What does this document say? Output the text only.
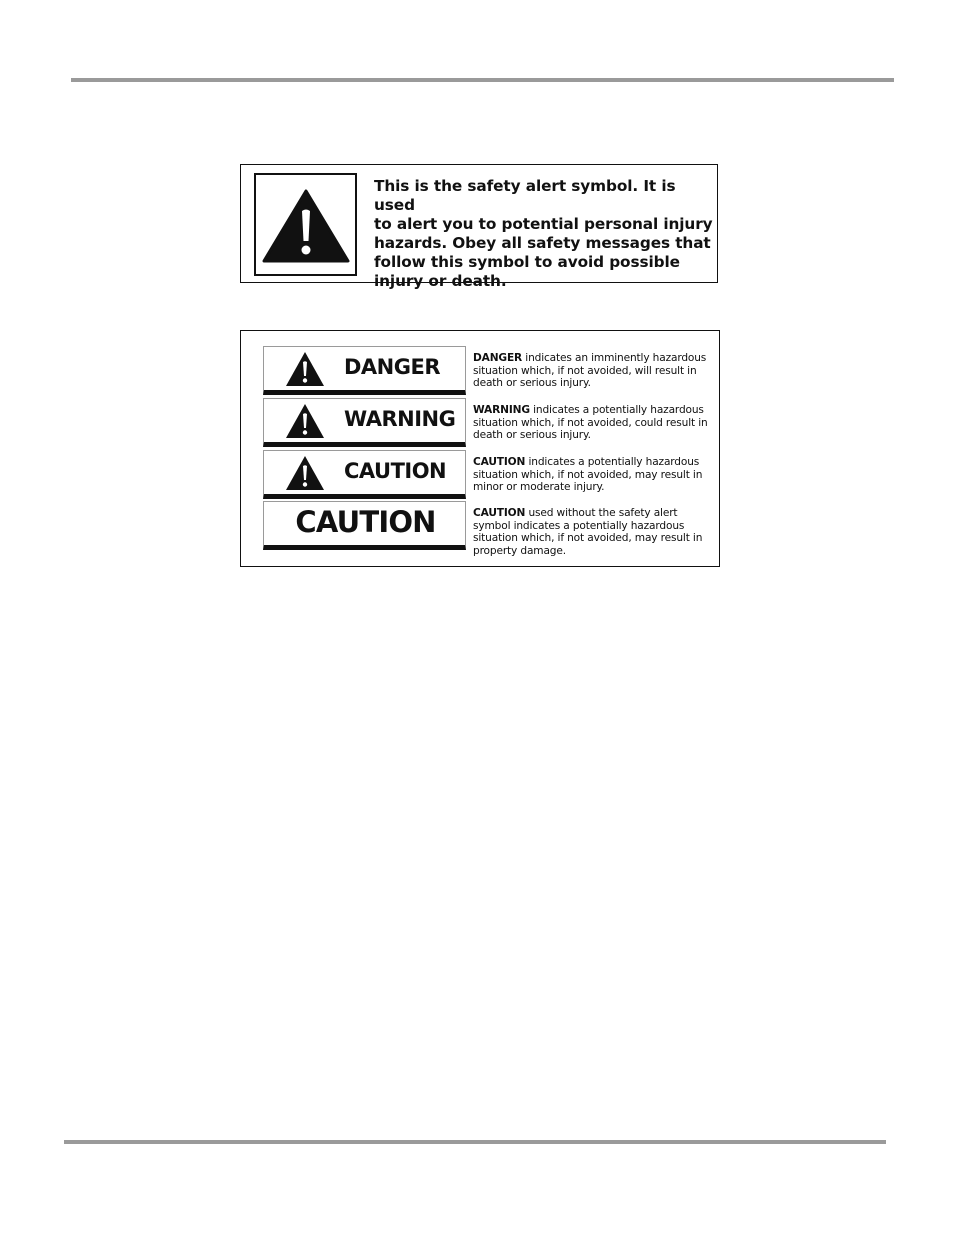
This is the safety alert symbol. It is used
to alert you to potential personal injury
hazards. Obey all safety messages that
follow this symbol to avoid possible
injury or death.
DANGER	DANGER indicates an imminently hazardous situation which, if not avoided, will result in death or serious injury.
WARNING WARNING indicates a potentially hazardous situation which, if not avoided, could result in death or serious injury.
CAUTION	CAUTION indicates a potentially hazardous situation which, if not avoided, may result in minor or moderate injury.
CAUTION	CAUTION used without the safety alert symbol indicates a potentially hazardous situation which, if not avoided, may result in property damage.
